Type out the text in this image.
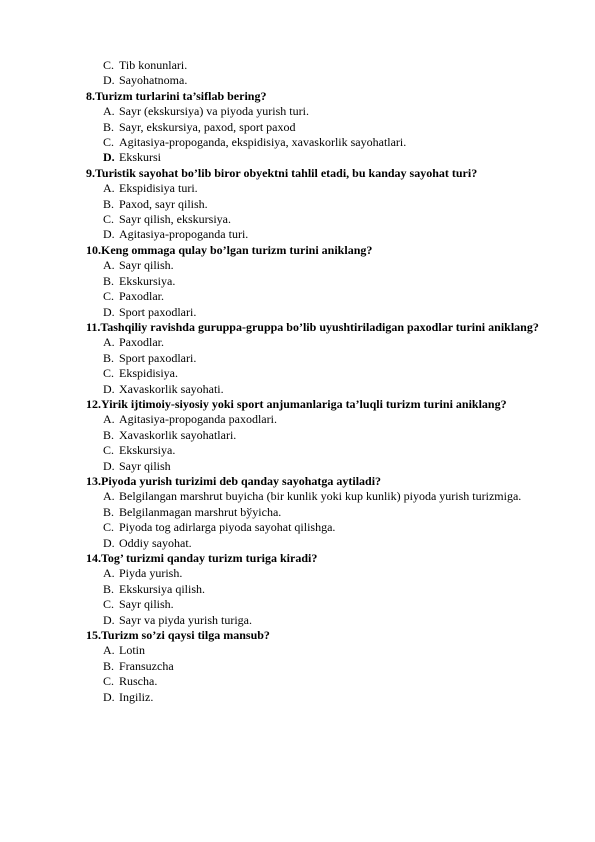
C. Tib konunlari.
D. Sayohatnoma.

8.Turizm turlarini ta’siflab bering?

A. Sayr (ekskursiya) va piyoda yurish turi.
B. Sayr, ekskursiya, paxod, sport paxod
C. Agitasiya-propoganda, ekspidisiya, xavaskorlik sayohatlari.
D. Ekskursi

9.Turistik sayohat bo’lib biror obyektni tahlil etadi, bu kanday sayohat turi?

A. Ekspidisiya turi.
B. Paxod, sayr qilish.
C. Sayr qilish, ekskursiya.
D. Agitasiya-propoganda turi.

10.Keng ommaga qulay bo’lgan turizm turini aniklang?

A. Sayr qilish.
B. Ekskursiya.
C. Paxodlar.
D. Sport paxodlari.

11.Tashqiliy ravishda guruppa-gruppa bo’lib uyushtiriladigan paxodlar turini aniklang?

A. Paxodlar.
B. Sport paxodlari.
C. Ekspidisiya.
D. Xavaskorlik sayohati.

12.Yirik ijtimoiy-siyosiy yoki sport anjumanlariga ta’luqli turizm turini aniklang?

A. Agitasiya-propoganda paxodlari.
B. Xavaskorlik sayohatlari.
C. Ekskursiya.
D. Sayr qilish

13.Piyoda yurish turizimi deb qanday sayohatga aytiladi?

A. Belgilangan marshrut buyicha (bir kunlik yoki kup kunlik) piyoda yurish turizmiga.
B. Belgilanmagan marshrut bўyicha.
C. Piyoda tog adirlarga piyoda sayohat qilishga.
D. Oddiy sayohat.

14.Tog’ turizmi qanday turizm turiga kiradi?

A. Piyda yurish.
B. Ekskursiya qilish.
C. Sayr qilish.
D. Sayr va piyda yurish turiga.

15.Turizm so’zi qaysi tilga mansub?

A. Lotin
B. Fransuzcha
C. Ruscha.
D. Ingiliz.
